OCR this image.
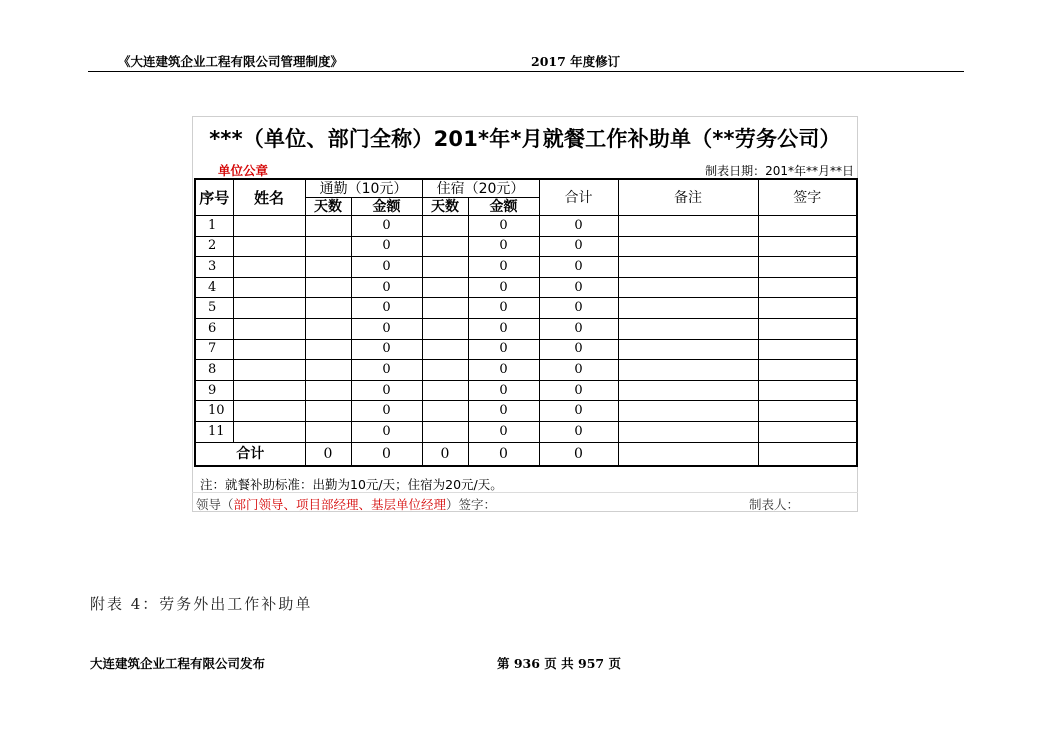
《大连建筑企业工程有限公司管理制度》	2017 年度修订
***（单位、部门全称）201*年*月就餐工作补助单（**劳务公司）
单位公章	制表日期：201*年**月**日
序号	姓名	通勤（10元）		住宿（20元）		合计	备注	签字
		天数	金额	天数	金额			
1			0		0	0		
2			0		0	0		
3			0		0	0		
4			0		0	0		
5			0		0	0		
6			0		0	0		
7			0		0	0		
8			0		0	0		
9			0		0	0		
10			0		0	0		
11			0		0	0		
合计		0	0	0	0	0		
注：就餐补助标准：出勤为10元/天；住宿为20元/天。
领导（部门领导、项目部经理、基层单位经理）签字：	制表人：
附表 4：劳务外出工作补助单
大连建筑企业工程有限公司发布	第 936 页 共 957 页
